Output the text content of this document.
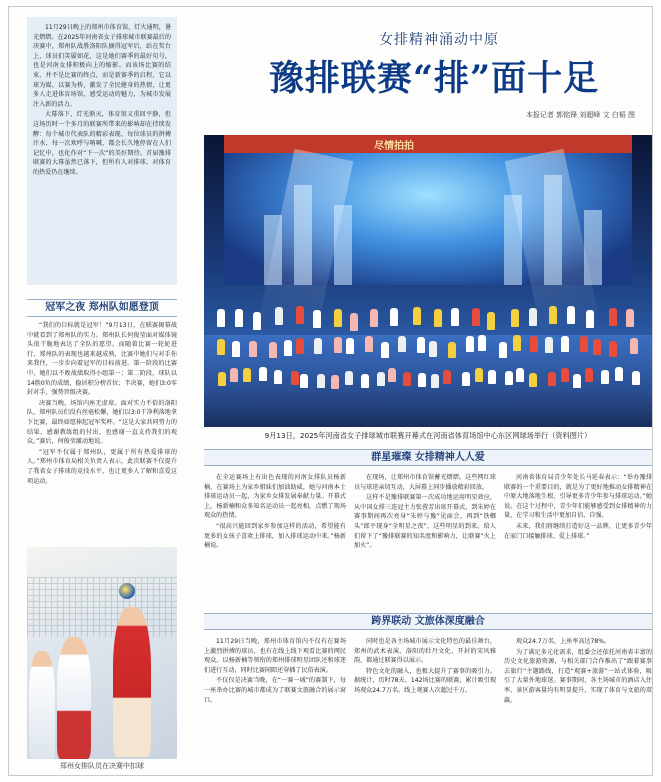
11月29日晚上的郑州市体育馆，灯火通明，暑光熠熠。在2025年河南省女子排球城市联赛最后的决赛中，郑州队战胜洛阳队摘得冠军后，站在奖台上，球员们笑靥如花，这是她们赛季的最好句号，也是河南女排积极向上的缩影。而该场比赛的结束，并不是比赛的终点，而是新赛季的启程，它以球为媒，以赛为桥，激发了全民健身的热情，让更多人走进体育场馆，感受运动的魅力，为城市发展注入新的活力。

大幕落下，灯光渐灭，体育馆又重回平静，但这场历时一个多月的联赛所带来的影响却在持续发酵：每个城市代表队的精彩表现、每位球员的拼搏汗水、每一次欢呼与呐喊，都会长久地停留在人们记忆中，也化作对“下一次”的美好期待。首届豫排联赛的大幕虽然已落下，但所有人对排球、对体育的热爱仍在继续。

冠军之夜 郑州队如愿登顶

“我们的目标就是冠军！”9月13日，在联赛揭幕战中就看到了郑州队的实力。郑州队长何俊莹面对媒体镜头很干脆地表达了全队的愿望。而随着比赛一轮轮进行，郑州队的表现也越来越成熟，比赛中她们与对手你来我往，一步步向着冠军的目标前进。第一阶段的比赛中，她们以不败战绩取得小组第一；第二阶段，球队以14胜0负的成绩，稳居积分榜首位；半决赛，她们3:0零封对手，强势晋级决赛。

决赛当晚，场馆内座无虚席。面对实力不俗的洛阳队，郑州队员们没有丝毫松懈，她们以3:0干净利落地拿下比赛，最终如愿捧起冠军奖杯。“这是大家共同努力的结果，感谢教练组的付出，也感谢一直支持我们的观众。”赛后，何俊莹激动地说。

“冠军不仅属于郑州队，更属于所有热爱排球的人。”郑州市体育局相关负责人表示，此次联赛不仅提升了我省女子排球的竞技水平，也让更多人了解和喜爱这项运动。

郑州女排队员在决赛中扣球
女排精神涌动中原
豫排联赛“排”面十足
本报记者 郭铭锋 刘超峰 文 白韬 图
尽情拍拍
9月13日，2025年河南省女子排球城市联赛开幕式在河南省体育场馆中心东区网球场举行（资料图片）
群星璀璨 女排精神人人爱

在全运赛场上有出色表现的河南女排队员杨新楠，在赛场上为家乡姐妹们加油助威，她与河南本土排球运动员一起，为家乡女排发展奉献力量。开幕式上，杨新楠和众多知名运动员一起亮相，点燃了现场观众的热情。

“很高兴能回到家乡参加这样的活动，希望能有更多的女孩子喜欢上排球，加入排球运动中来。”杨新楠说。

在现场，让郑州市体育馆蓄光熠熠。这些网红球员与球迷亲切互动，大屏幕上同步播放精彩回放。

这样不是豫排联赛第一次成功地运用明星效应，从中国女排三连冠主力张蓉芳出席开幕式，到朱婷在赛事期间再次亮身“朱婷与豫”见面会，再到“铁榔头”郎平现身“全明星之夜”，这些明星的到来，给人们留下了“豫排联赛的知名度和影响力，让联赛“火上加火”。

河南省体育局青少年处长马延春表示：“举办豫排联赛的一个重要目的，就是为了更好地推动女排精神在中原大地落地生根，引导更多青少年参与排球运动。”她说。在这个过程中，青少年们能够感受到女排精神的力量，在学习和生活中更加自信、自强。

未来，我们将继续打造好这一品牌，让更多青少年在家门口接触排球、爱上排球。”

跨界联动 文旅体深度融合

11月29日当晚，郑州市体育馆内不仅有在赛场上激烈拼搏的球员，也有在线上线下观看比赛的网民观众。以杨新楠等领衔的郑州排球明星团队还和球迷们进行互动，同时比赛间隙还穿插了民俗表演。

不仅仅是决赛当晚，在“一赛一城”的赛制下，每一座举办比赛的城市都成为了联赛文旅融合的展示窗口。

同时也是各主场城市展示文化特色的最佳舞台，郑州的武术表演、洛阳的牡丹文化、开封的宋风雅韵，都通过联赛得以展示。

特色文化的融入，也极大提升了赛事的吸引力。据统计，历时78天、142场比赛的联赛，累计吸引现场观众24.7万名，线上观赛人次超过千万。

观众24.7万名，上座率高达78%。

为了满足多元化需求，组委会还依托河南省丰富的历史文化旅游资源，与相关部门合作推出了“跟着赛事去旅行”主题路线，打造“观赛+旅游”一站式体验，吸引了大量外地球迷。赛事期间，各主场城市的酒店入住率、景区游客量均有明显提升，实现了体育与文旅的双赢。
